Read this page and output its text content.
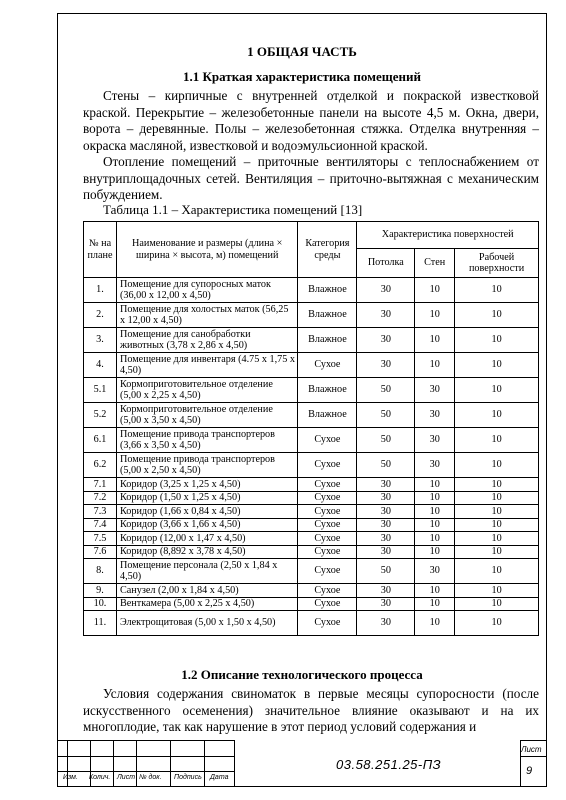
1 ОБЩАЯ ЧАСТЬ
1.1 Краткая характеристика помещений

Стены – кирпичные с внутренней отделкой и покраской известковой краской. Перекрытие – железобетонные панели на высоте 4,5 м. Окна, двери, ворота – деревянные. Полы – железобетонная стяжка. Отделка внутренняя – окраска масляной, известковой и водоэмульсионной краской.

Отопление помещений – приточные вентиляторы с теплоснабжением от внутриплощадочных сетей. Вентиляция – приточно-вытяжная с механическим побуждением.

Таблица 1.1 – Характеристика помещений [13]
№ на плане	Наименование и размеры (длина × ширина × высота, м) помещений	Категория среды	Характеристика поверхностей		
			Потолка	Стен	Рабочей поверхности
1.	Помещение для супоросных маток (36,00 х 12,00 х 4,50)	Влажное	30	10	10
2.	Помещение для холостых маток (56,25 х 12,00 х 4,50)	Влажное	30	10	10
3.	Помещение для санобработки животных (3,78 х 2,86 х 4,50)	Влажное	30	10	10
4.	Помещение для инвентаря (4.75 х 1,75 х 4,50)	Сухое	30	10	10
5.1	Кормоприготовительное отделение (5,00 х 2,25 х 4,50)	Влажное	50	30	10
5.2	Кормоприготовительное отделение (5,00 х 3,50 х 4,50)	Влажное	50	30	10
6.1	Помещение привода транспортеров (3,66 х 3,50 х 4,50)	Сухое	50	30	10
6.2	Помещение привода транспортеров (5,00 х 2,50 х 4,50)	Сухое	50	30	10
7.1	Коридор (3,25 х 1,25 х 4,50)	Сухое	30	10	10
7.2	Коридор (1,50 х 1,25 х 4,50)	Сухое	30	10	10
7.3	Коридор (1,66 х 0,84 х 4,50)	Сухое	30	10	10
7.4	Коридор (3,66 х 1,66 х 4,50)	Сухое	30	10	10
7.5	Коридор (12,00 х 1,47 х 4,50)	Сухое	30	10	10
7.6	Коридор (8,892 х 3,78 х 4,50)	Сухое	30	10	10
8.	Помещение персонала (2,50 х 1,84 х 4,50)	Сухое	50	30	10
9.	Санузел (2,00 х 1,84 х 4,50)	Сухое	30	10	10
10.	Венткамера (5,00 х 2,25 х 4,50)	Сухое	30	10	10
11.	Электрощитовая (5,00 х 1,50 х 4,50)	Сухое	30	10	10
1.2 Описание технологического процесса

Условия содержания свиноматок в первые месяцы супоросности (после искусственного осеменения) значительное влияние оказывают и на их многоплодие, так как нарушение в этот период условий содержания и

Изм. Колич. Лист № док. Подпись Дата
03.58.251.25-ПЗ
Лист
9
